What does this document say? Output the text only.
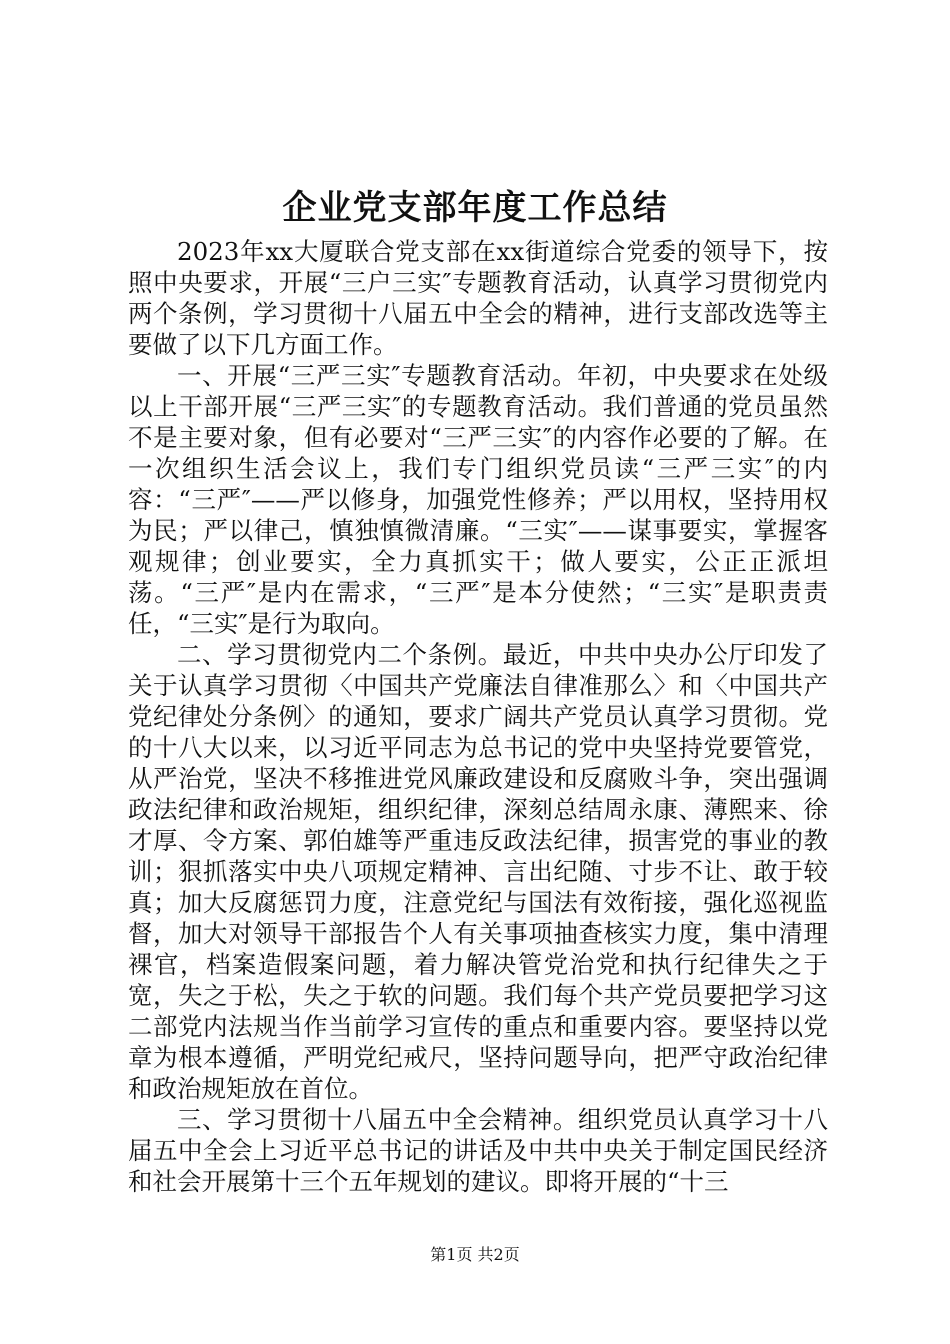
企业党支部年度工作总结

2023年xx大厦联合党支部在xx街道综合党委的领导下，按照中央要求，开展“三户三实″专题教育活动，认真学习贯彻党内两个条例，学习贯彻十八届五中全会的精神，进行支部改选等主要做了以下几方面工作。

一、开展“三严三实″专题教育活动。年初，中央要求在处级以上干部开展“三严三实″的专题教育活动。我们普通的党员虽然不是主要对象，但有必要对“三严三实″的内容作必要的了解。在一次组织生活会议上，我们专门组织党员读“三严三实″的内容：“三严″——严以修身，加强党性修养；严以用权，坚持用权为民；严以律己，慎独慎微清廉。“三实″——谋事要实，掌握客观规律；创业要实，全力真抓实干；做人要实，公正正派坦荡。“三严″是内在需求，“三严″是本分使然；“三实″是职责责任，“三实″是行为取向。

二、学习贯彻党内二个条例。最近，中共中央办公厅印发了关于认真学习贯彻〈中国共产党廉法自律准那么〉和〈中国共产党纪律处分条例〉的通知，要求广阔共产党员认真学习贯彻。党的十八大以来，以习近平同志为总书记的党中央坚持党要管党，从严治党，坚决不移推进党风廉政建设和反腐败斗争，突出强调政法纪律和政治规矩，组织纪律，深刻总结周永康、薄熙来、徐才厚、令方案、郭伯雄等严重违反政法纪律，损害党的事业的教训；狠抓落实中央八项规定精神、言出纪随、寸步不让、敢于较真；加大反腐惩罚力度，注意党纪与国法有效衔接，强化巡视监督，加大对领导干部报告个人有关事项抽查核实力度，集中清理裸官，档案造假案问题，着力解决管党治党和执行纪律失之于宽，失之于松，失之于软的问题。我们每个共产党员要把学习这二部党内法规当作当前学习宣传的重点和重要内容。要坚持以党章为根本遵循，严明党纪戒尺，坚持问题导向，把严守政治纪律和政治规矩放在首位。

三、学习贯彻十八届五中全会精神。组织党员认真学习十八届五中全会上习近平总书记的讲话及中共中央关于制定国民经济和社会开展第十三个五年规划的建议。即将开展的“十三

第1页 共2页
